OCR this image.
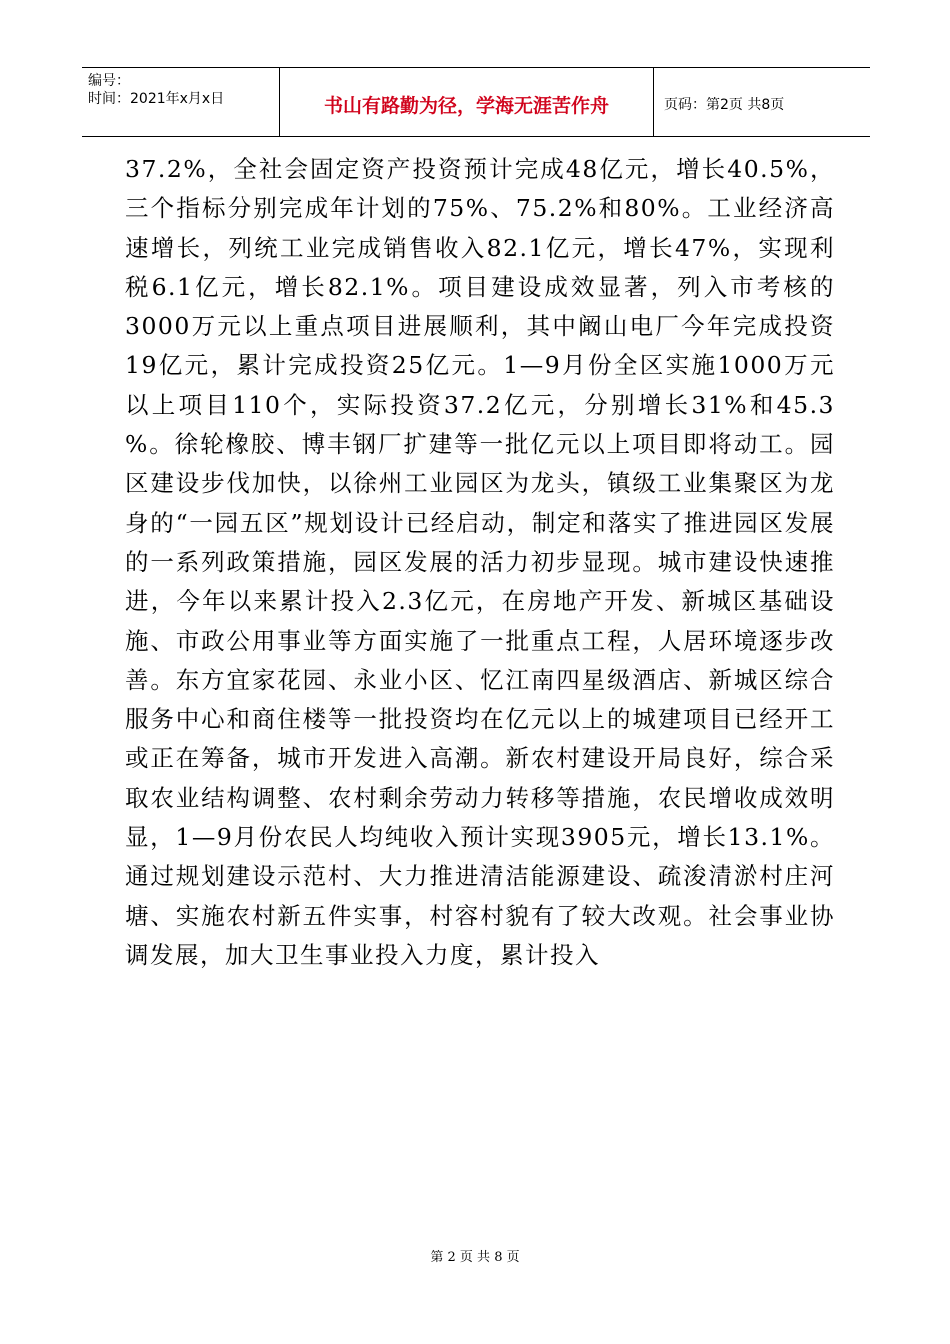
编号：
时间：2021年x月x日	书山有路勤为径，学海无涯苦作舟	页码：第2页 共8页

37.2%，全社会固定资产投资预计完成48亿元，增长40.5%，三个指标分别完成年计划的75%、75.2%和80%。工业经济高速增长，列统工业完成销售收入82.1亿元，增长47%，实现利税6.1亿元，增长82.1%。项目建设成效显著，列入市考核的3000万元以上重点项目进展顺利，其中阚山电厂今年完成投资19亿元，累计完成投资25亿元。1—9月份全区实施1000万元以上项目110个，实际投资37.2亿元，分别增长31%和45.3 %。徐轮橡胶、博丰钢厂扩建等一批亿元以上项目即将动工。园区建设步伐加快，以徐州工业园区为龙头，镇级工业集聚区为龙身的“一园五区”规划设计已经启动，制定和落实了推进园区发展的一系列政策措施，园区发展的活力初步显现。城市建设快速推进，今年以来累计投入2.3亿元，在房地产开发、新城区基础设施、市政公用事业等方面实施了一批重点工程，人居环境逐步改善。东方宜家花园、永业小区、忆江南四星级酒店、新城区综合服务中心和商住楼等一批投资均在亿元以上的城建项目已经开工或正在筹备，城市开发进入高潮。新农村建设开局良好，综合采取农业结构调整、农村剩余劳动力转移等措施，农民增收成效明显，1—9月份农民人均纯收入预计实现3905元，增长13.1%。通过规划建设示范村、大力推进清洁能源建设、疏浚清淤村庄河塘、实施农村新五件实事，村容村貌有了较大改观。社会事业协调发展，加大卫生事业投入力度，累计投入

第 2 页 共 8 页
